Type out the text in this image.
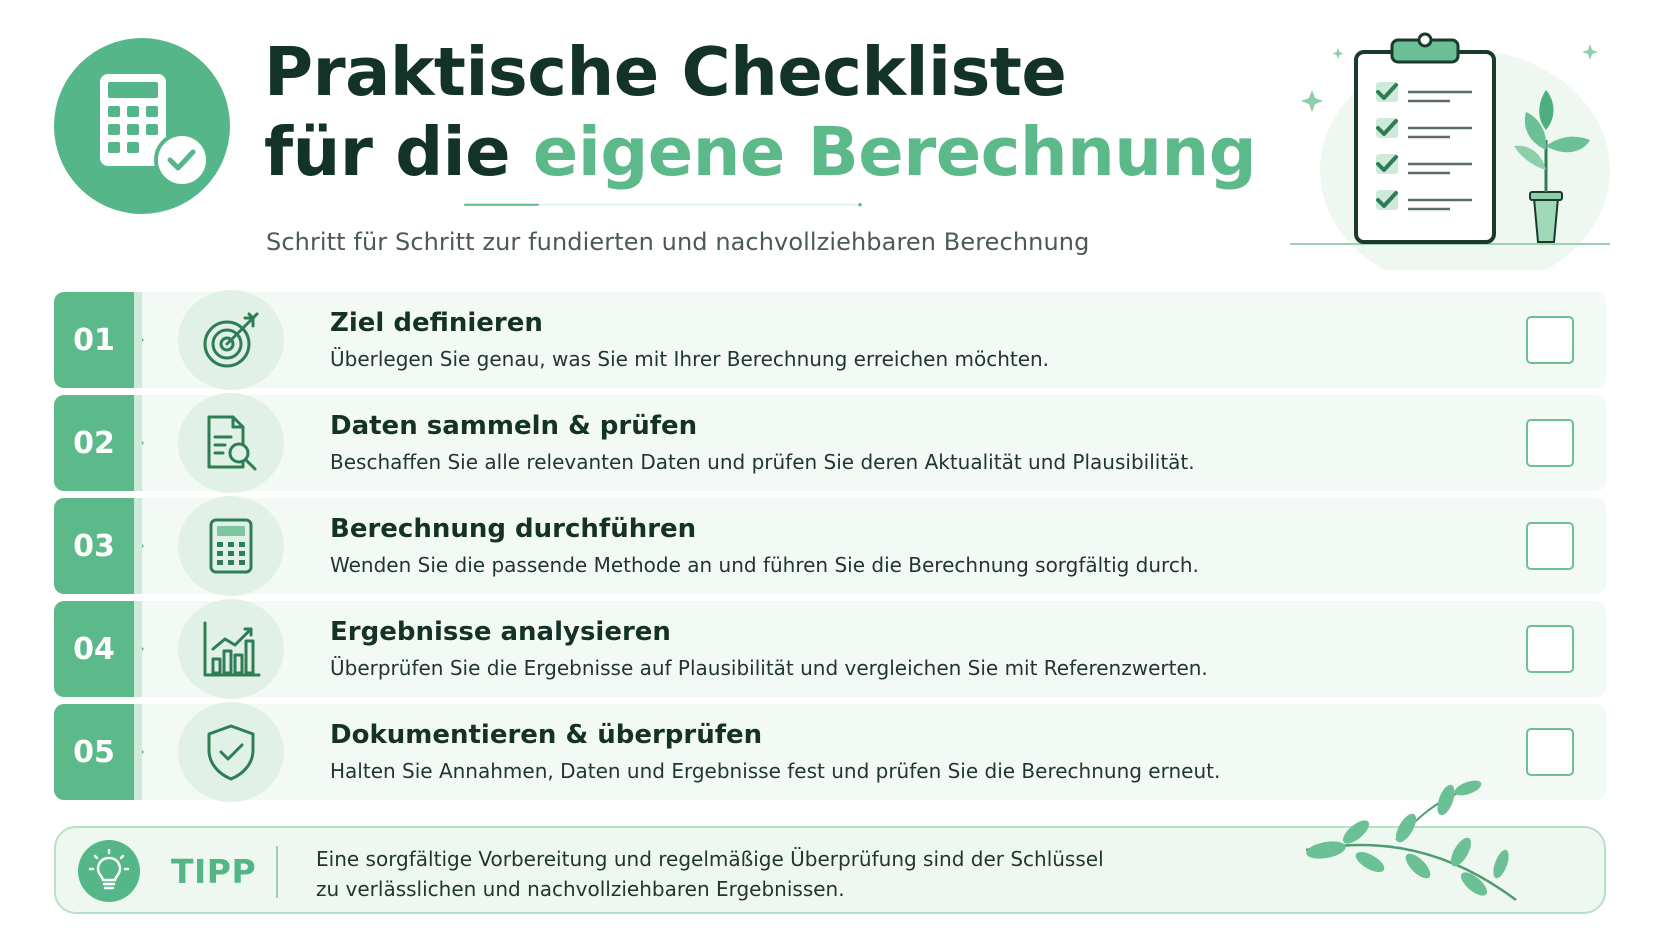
Praktische Checkliste
für die eigene Berechnung
Schritt für Schritt zur fundierten und nachvollziehbaren Berechnung
01	Ziel definieren
Überlegen Sie genau, was Sie mit Ihrer Berechnung erreichen möchten.
02	Daten sammeln & prüfen
Beschaffen Sie alle relevanten Daten und prüfen Sie deren Aktualität und Plausibilität.
03	Berechnung durchführen
Wenden Sie die passende Methode an und führen Sie die Berechnung sorgfältig durch.
04	Ergebnisse analysieren
Überprüfen Sie die Ergebnisse auf Plausibilität und vergleichen Sie mit Referenzwerten.
05	Dokumentieren & überprüfen
Halten Sie Annahmen, Daten und Ergebnisse fest und prüfen Sie die Berechnung erneut.
TIPP	Eine sorgfältige Vorbereitung und regelmäßige Überprüfung sind der Schlüssel
zu verlässlichen und nachvollziehbaren Ergebnissen.
